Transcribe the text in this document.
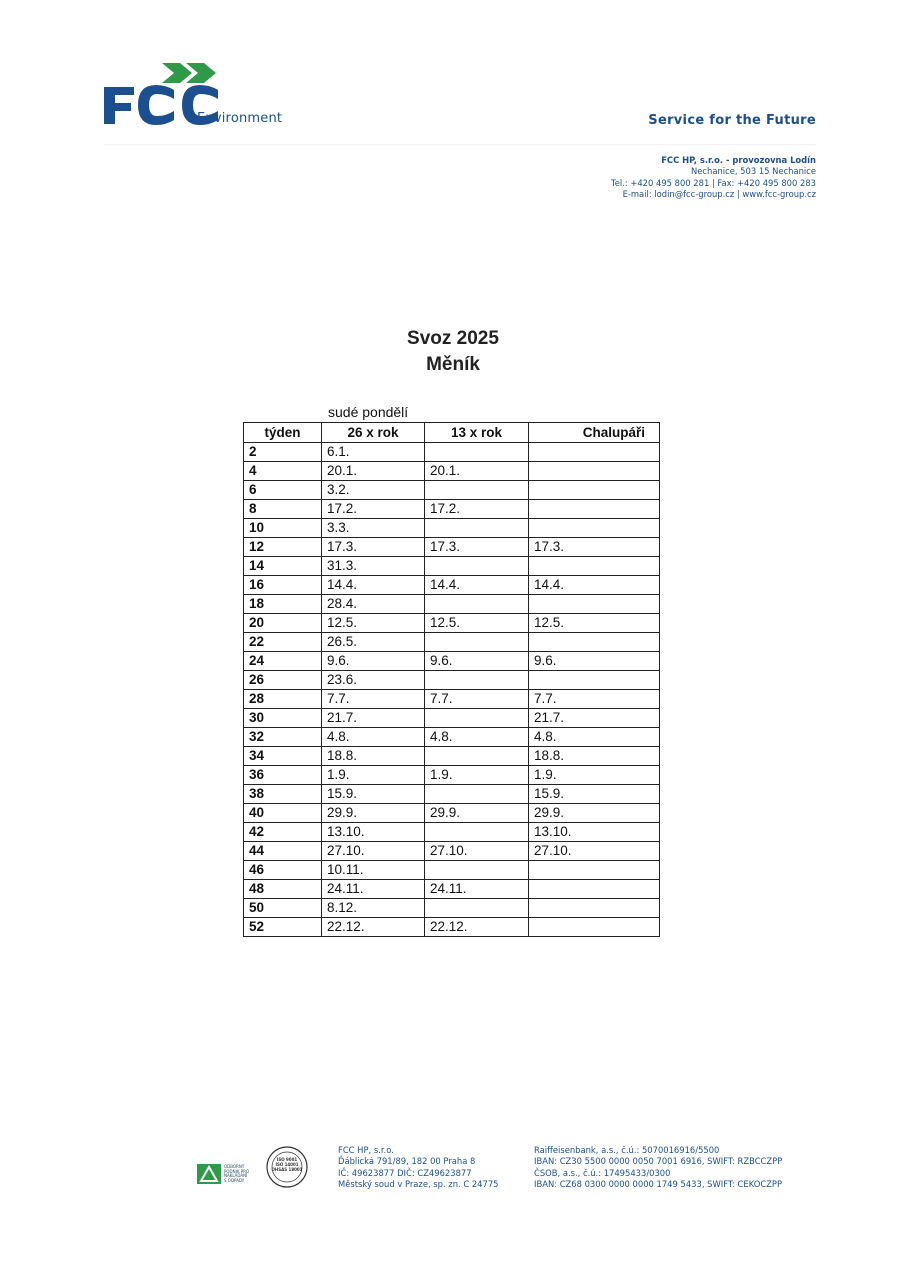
Environment	Service for the Future
FCC HP, s.r.o. - provozovna Lodín
Nechanice, 503 15 Nechanice
Tel.: +420 495 800 281 | Fax: +420 495 800 283
E-mail: lodin@fcc-group.cz | www.fcc-group.cz
Svoz 2025
Měník
sudé pondělí
týden	26 x rok	13 x rok	Chalupáři
2	6.1.		
4	20.1.	20.1.	
6	3.2.		
8	17.2.	17.2.	
10	3.3.		
12	17.3.	17.3.	17.3.
14	31.3.		
16	14.4.	14.4.	14.4.
18	28.4.		
20	12.5.	12.5.	12.5.
22	26.5.		
24	9.6.	9.6.	9.6.
26	23.6.		
28	7.7.	7.7.	7.7.
30	21.7.		21.7.
32	4.8.	4.8.	4.8.
34	18.8.		18.8.
36	1.9.	1.9.	1.9.
38	15.9.		15.9.
40	29.9.	29.9.	29.9.
42	13.10.		13.10.
44	27.10.	27.10.	27.10.
46	10.11.		
48	24.11.	24.11.	
50	8.12.		
52	22.12.	22.12.	
ODBORNÝ
PODNIK PRO
NAKLÁDÁNÍ
S ODPADY
ISO 9001
ISO 14001
OHSAS 18001
FCC HP, s.r.o.
Ďáblická 791/89, 182 00 Praha 8
IČ: 49623877 DIČ: CZ49623877
Městský soud v Praze, sp. zn. C 24775
Raiffeisenbank, a.s., č.ú.: 5070016916/5500
IBAN: CZ30 5500 0000 0050 7001 6916, SWIFT: RZBCCZPP
ČSOB, a.s., č.ú.: 17495433/0300
IBAN: CZ68 0300 0000 0000 1749 5433, SWIFT: CEKOCZPP
